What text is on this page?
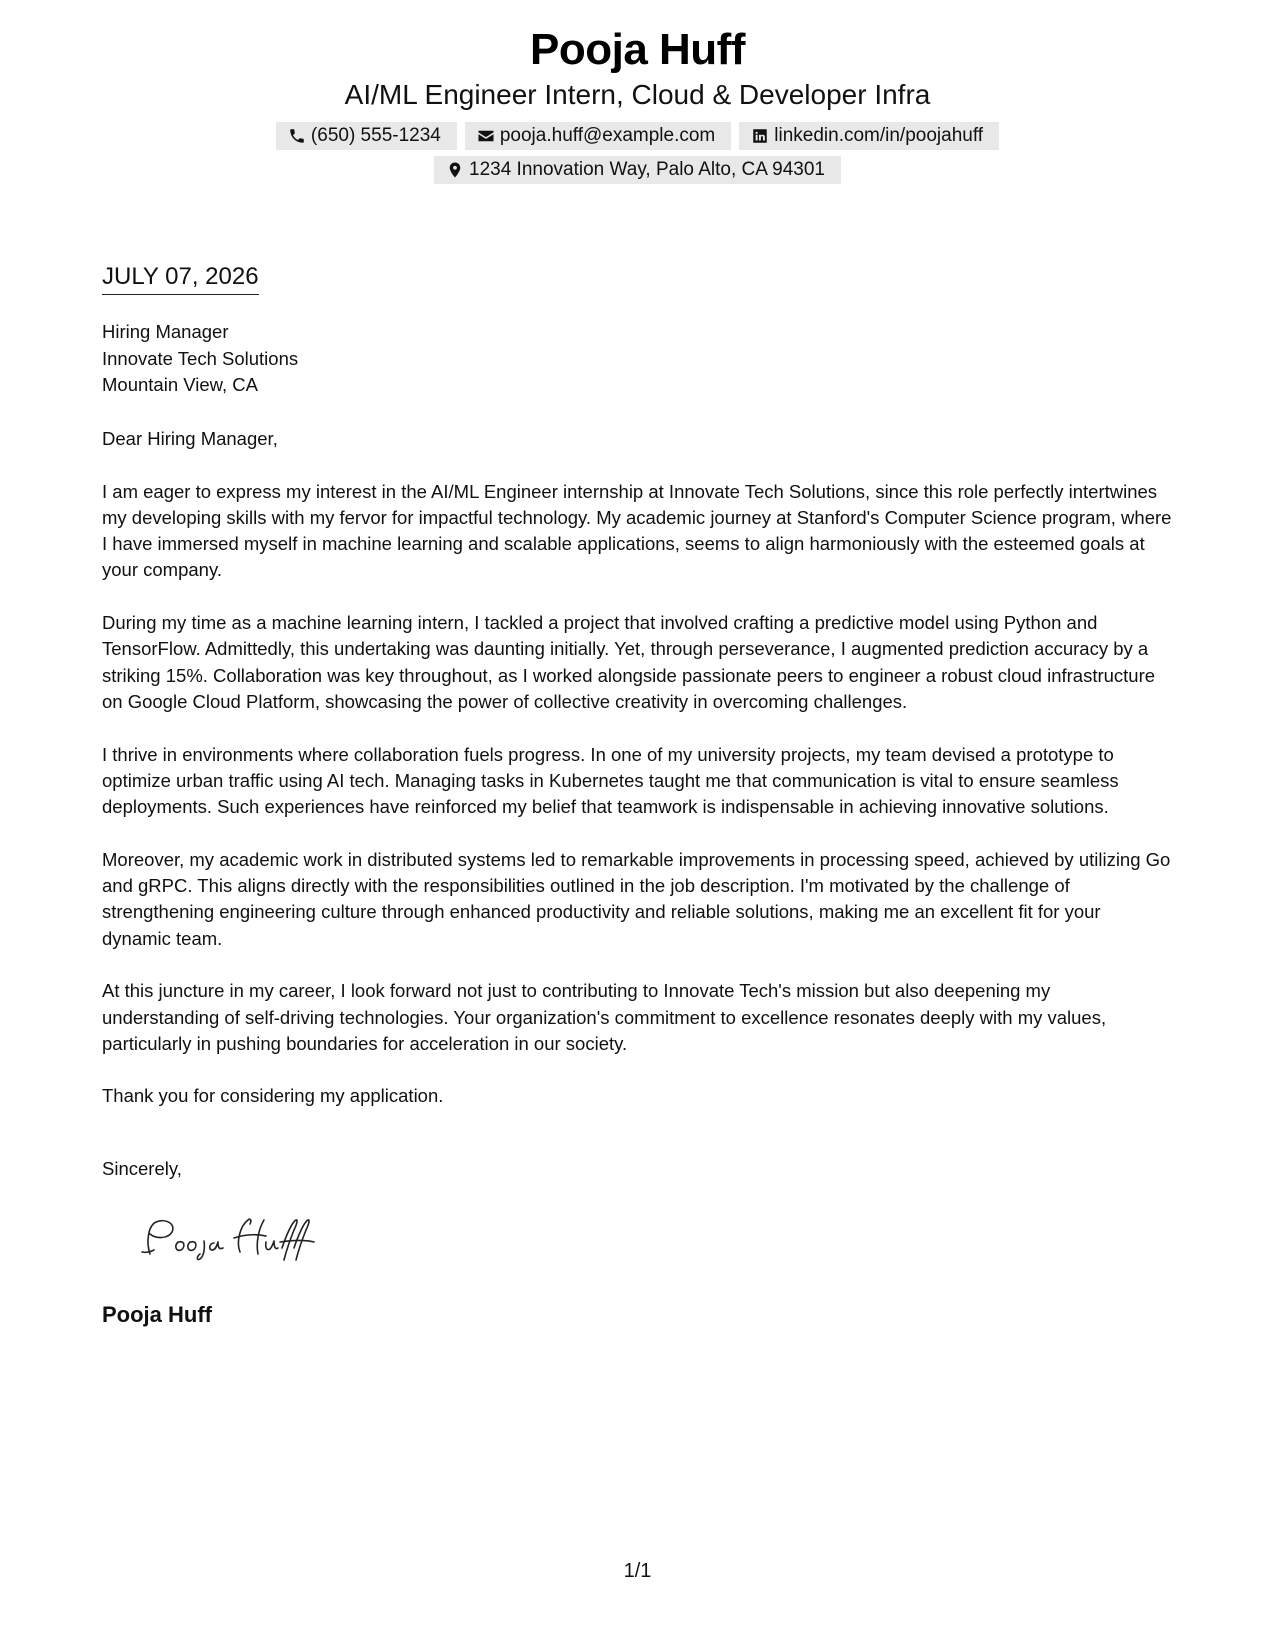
Pooja Huff
AI/ML Engineer Intern, Cloud & Developer Infra
(650) 555-1234	pooja.huff@example.com	linkedin.com/in/poojahuff
1234 Innovation Way, Palo Alto, CA 94301
JULY 07, 2026
Hiring Manager
Innovate Tech Solutions
Mountain View, CA

Dear Hiring Manager,

I am eager to express my interest in the AI/ML Engineer internship at Innovate Tech Solutions, since this role perfectly intertwines my developing skills with my fervor for impactful technology. My academic journey at Stanford's Computer Science program, where I have immersed myself in machine learning and scalable applications, seems to align harmoniously with the esteemed goals at your company.

During my time as a machine learning intern, I tackled a project that involved crafting a predictive model using Python and TensorFlow. Admittedly, this undertaking was daunting initially. Yet, through perseverance, I augmented prediction accuracy by a striking 15%. Collaboration was key throughout, as I worked alongside passionate peers to engineer a robust cloud infrastructure on Google Cloud Platform, showcasing the power of collective creativity in overcoming challenges.

I thrive in environments where collaboration fuels progress. In one of my university projects, my team devised a prototype to optimize urban traffic using AI tech. Managing tasks in Kubernetes taught me that communication is vital to ensure seamless deployments. Such experiences have reinforced my belief that teamwork is indispensable in achieving innovative solutions.

Moreover, my academic work in distributed systems led to remarkable improvements in processing speed, achieved by utilizing Go and gRPC. This aligns directly with the responsibilities outlined in the job description. I'm motivated by the challenge of strengthening engineering culture through enhanced productivity and reliable solutions, making me an excellent fit for your dynamic team.

At this juncture in my career, I look forward not just to contributing to Innovate Tech's mission but also deepening my understanding of self-driving technologies. Your organization's commitment to excellence resonates deeply with my values, particularly in pushing boundaries for acceleration in our society.

Thank you for considering my application.

Sincerely,
Pooja Huff
1/1
